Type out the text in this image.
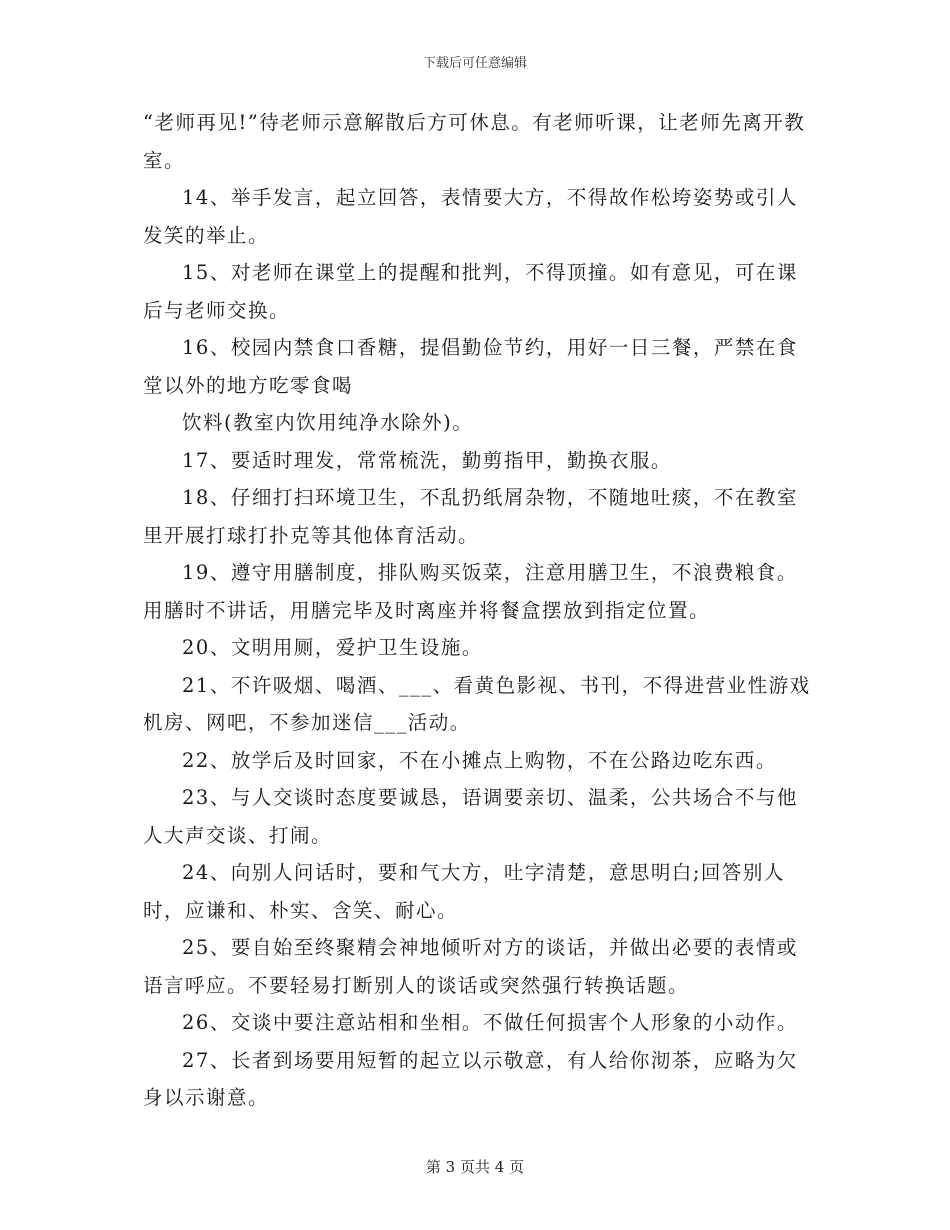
下载后可任意编辑

“老师再见!”待老师示意解散后方可休息。有老师听课，让老师先离开教室。

14、举手发言，起立回答，表情要大方，不得故作松垮姿势或引人发笑的举止。

15、对老师在课堂上的提醒和批判，不得顶撞。如有意见，可在课后与老师交换。

16、校园内禁食口香糖，提倡勤俭节约，用好一日三餐，严禁在食堂以外的地方吃零食喝

饮料(教室内饮用纯净水除外)。

17、要适时理发，常常梳洗，勤剪指甲，勤换衣服。

18、仔细打扫环境卫生，不乱扔纸屑杂物，不随地吐痰，不在教室里开展打球打扑克等其他体育活动。

19、遵守用膳制度，排队购买饭菜，注意用膳卫生，不浪费粮食。用膳时不讲话，用膳完毕及时离座并将餐盒摆放到指定位置。

20、文明用厕，爱护卫生设施。

21、不许吸烟、喝酒、___、看黄色影视、书刊，不得进营业性游戏机房、网吧，不参加迷信___活动。

22、放学后及时回家，不在小摊点上购物，不在公路边吃东西。

23、与人交谈时态度要诚恳，语调要亲切、温柔，公共场合不与他人大声交谈、打闹。

24、向别人问话时，要和气大方，吐字清楚，意思明白;回答别人时，应谦和、朴实、含笑、耐心。

25、要自始至终聚精会神地倾听对方的谈话，并做出必要的表情或语言呼应。不要轻易打断别人的谈话或突然强行转换话题。

26、交谈中要注意站相和坐相。不做任何损害个人形象的小动作。

27、长者到场要用短暂的起立以示敬意，有人给你沏茶，应略为欠身以示谢意。

第 3 页共 4 页
